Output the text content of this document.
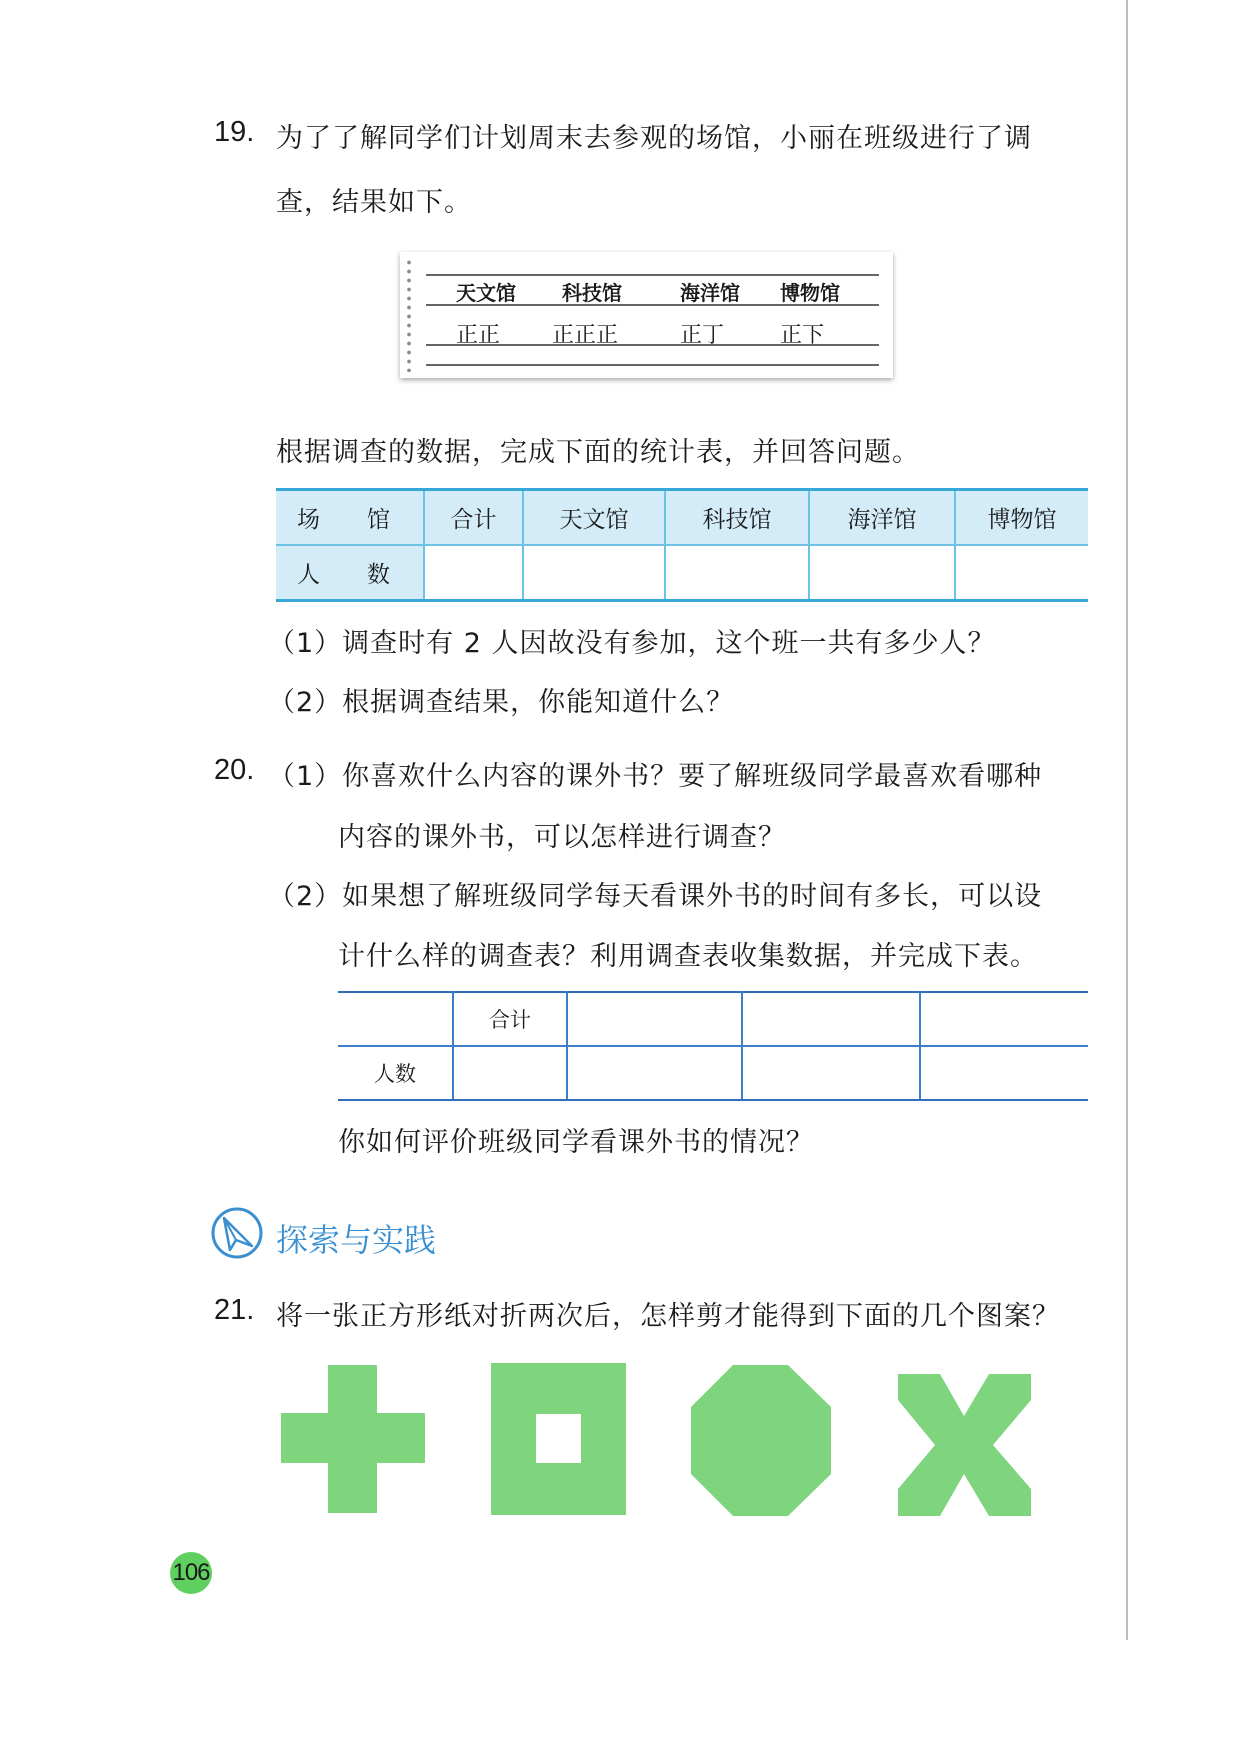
19. 为了了解同学们计划周末去参观的场馆，小丽在班级进行了调
查，结果如下。
天文馆 科技馆	海洋馆 博物馆
正正 正正正	正丁	正下
根据调查的数据，完成下面的统计表，并回答问题。
场　馆	合计	天文馆	科技馆	海洋馆	博物馆
人　数					
（1）调查时有 2 人因故没有参加，这个班一共有多少人？
（2）根据调查结果，你能知道什么？
20. （1）你喜欢什么内容的课外书？要了解班级同学最喜欢看哪种
内容的课外书，可以怎样进行调查？
（2）如果想了解班级同学每天看课外书的时间有多长，可以设
计什么样的调查表？利用调查表收集数据，并完成下表。
	合计			
人数				
你如何评价班级同学看课外书的情况？
探索与实践
21. 将一张正方形纸对折两次后，怎样剪才能得到下面的几个图案？
106
